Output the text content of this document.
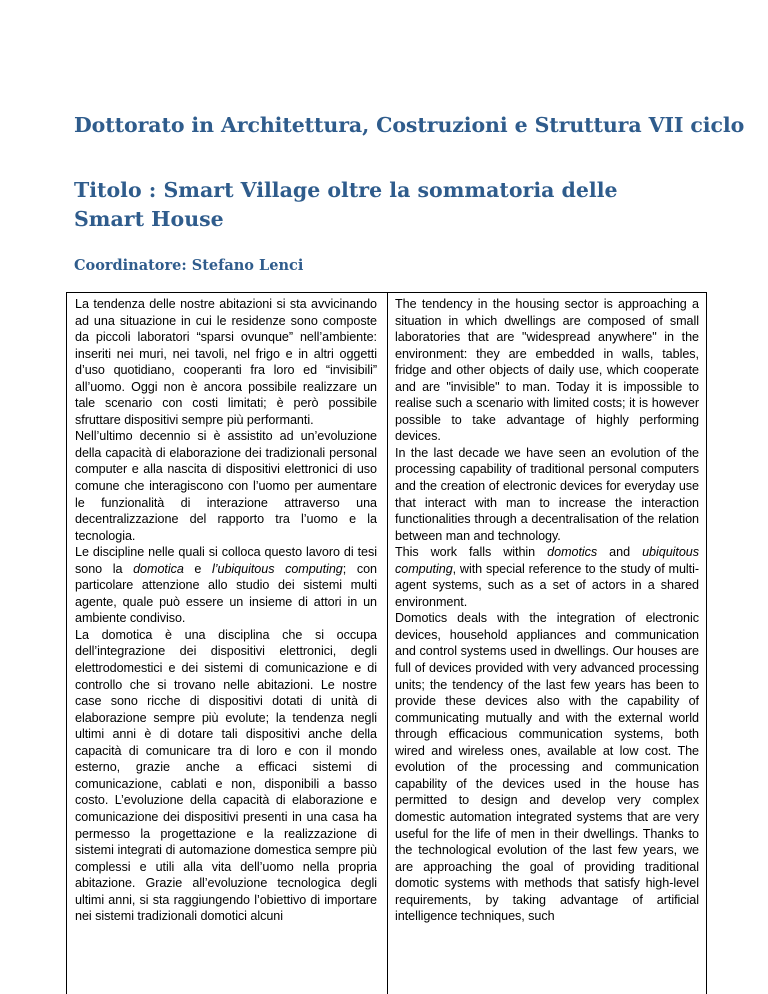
Dottorato in Architettura, Costruzioni e Struttura VII ciclo
Titolo : Smart Village oltre la sommatoria delle Smart House
Coordinatore: Stefano Lenci

La tendenza delle nostre abitazioni si sta avvicinando ad una situazione in cui le residenze sono composte da piccoli laboratori “sparsi ovunque” nell’ambiente: inseriti nei muri, nei tavoli, nel frigo e in altri oggetti d’uso quotidiano, cooperanti fra loro ed “invisibili” all’uomo. Oggi non è ancora possibile realizzare un tale scenario con costi limitati; è però possibile sfruttare dispositivi sempre più performanti.

Nell’ultimo decennio si è assistito ad un’evoluzione della capacità di elaborazione dei tradizionali personal computer e alla nascita di dispositivi elettronici di uso comune che interagiscono con l’uomo per aumentare le funzionalità di interazione attraverso una decentralizzazione del rapporto tra l’uomo e la tecnologia.

Le discipline nelle quali si colloca questo lavoro di tesi sono la domotica e l’ubiquitous computing; con particolare attenzione allo studio dei sistemi multi agente, quale può essere un insieme di attori in un ambiente condiviso.

La domotica è una disciplina che si occupa dell’integrazione dei dispositivi elettronici, degli elettrodomestici e dei sistemi di comunicazione e di controllo che si trovano nelle abitazioni. Le nostre case sono ricche di dispositivi dotati di unità di elaborazione sempre più evolute; la tendenza negli ultimi anni è di dotare tali dispositivi anche della capacità di comunicare tra di loro e con il mondo esterno, grazie anche a efficaci sistemi di comunicazione, cablati e non, disponibili a basso costo. L’evoluzione della capacità di elaborazione e comunicazione dei dispositivi presenti in una casa ha permesso la progettazione e la realizzazione di sistemi integrati di automazione domestica sempre più complessi e utili alla vita dell’uomo nella propria abitazione. Grazie all’evoluzione tecnologica degli ultimi anni, si sta raggiungendo l’obiettivo di importare nei sistemi tradizionali domotici alcuni

The tendency in the housing sector is approaching a situation in which dwellings are composed of small laboratories that are "widespread anywhere" in the environment: they are embedded in walls, tables, fridge and other objects of daily use, which cooperate and are "invisible" to man. Today it is impossible to realise such a scenario with limited costs; it is however possible to take advantage of highly performing devices.

In the last decade we have seen an evolution of the processing capability of traditional personal computers and the creation of electronic devices for everyday use that interact with man to increase the interaction functionalities through a decentralisation of the relation between man and technology.

This work falls within domotics and ubiquitous computing, with special reference to the study of multi-agent systems, such as a set of actors in a shared environment.

Domotics deals with the integration of electronic devices, household appliances and communication and control systems used in dwellings. Our houses are full of devices provided with very advanced processing units; the tendency of the last few years has been to provide these devices also with the capability of communicating mutually and with the external world through efficacious communication systems, both wired and wireless ones, available at low cost. The evolution of the processing and communication capability of the devices used in the house has permitted to design and develop very complex domestic automation integrated systems that are very useful for the life of men in their dwellings. Thanks to the technological evolution of the last few years, we are approaching the goal of providing traditional domotic systems with methods that satisfy high-level requirements, by taking advantage of artificial intelligence techniques, such
